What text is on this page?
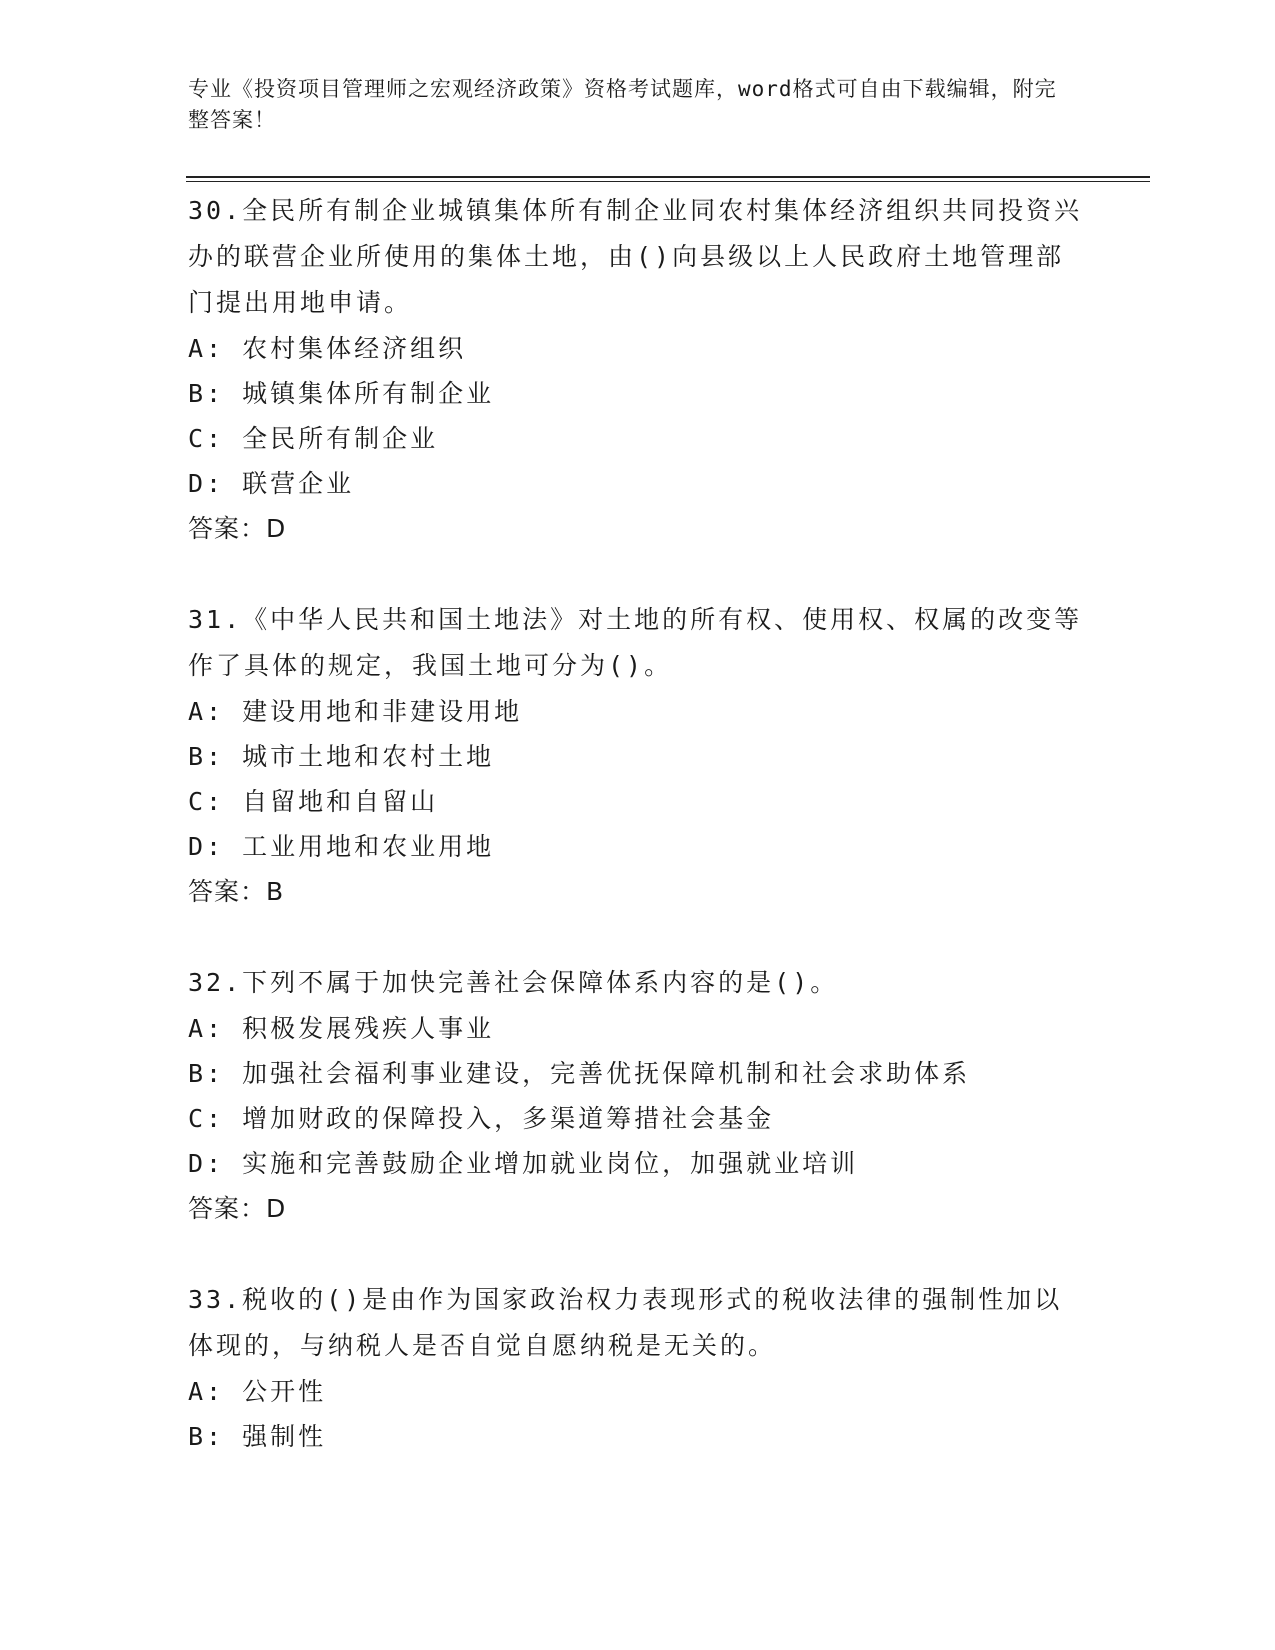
专业《投资项目管理师之宏观经济政策》资格考试题库，word格式可自由下载编辑，附完整答案！

30.全民所有制企业城镇集体所有制企业同农村集体经济组织共同投资兴办的联营企业所使用的集体土地，由()向县级以上人民政府土地管理部门提出用地申请。

A: 农村集体经济组织

B: 城镇集体所有制企业

C: 全民所有制企业

D: 联营企业

答案：D

31.《中华人民共和国土地法》对土地的所有权、使用权、权属的改变等作了具体的规定，我国土地可分为()。

A: 建设用地和非建设用地

B: 城市土地和农村土地

C: 自留地和自留山

D: 工业用地和农业用地

答案：B

32.下列不属于加快完善社会保障体系内容的是()。

A: 积极发展残疾人事业

B: 加强社会福利事业建设，完善优抚保障机制和社会求助体系

C: 增加财政的保障投入，多渠道筹措社会基金

D: 实施和完善鼓励企业增加就业岗位，加强就业培训

答案：D

33.税收的()是由作为国家政治权力表现形式的税收法律的强制性加以体现的，与纳税人是否自觉自愿纳税是无关的。

A: 公开性

B: 强制性
